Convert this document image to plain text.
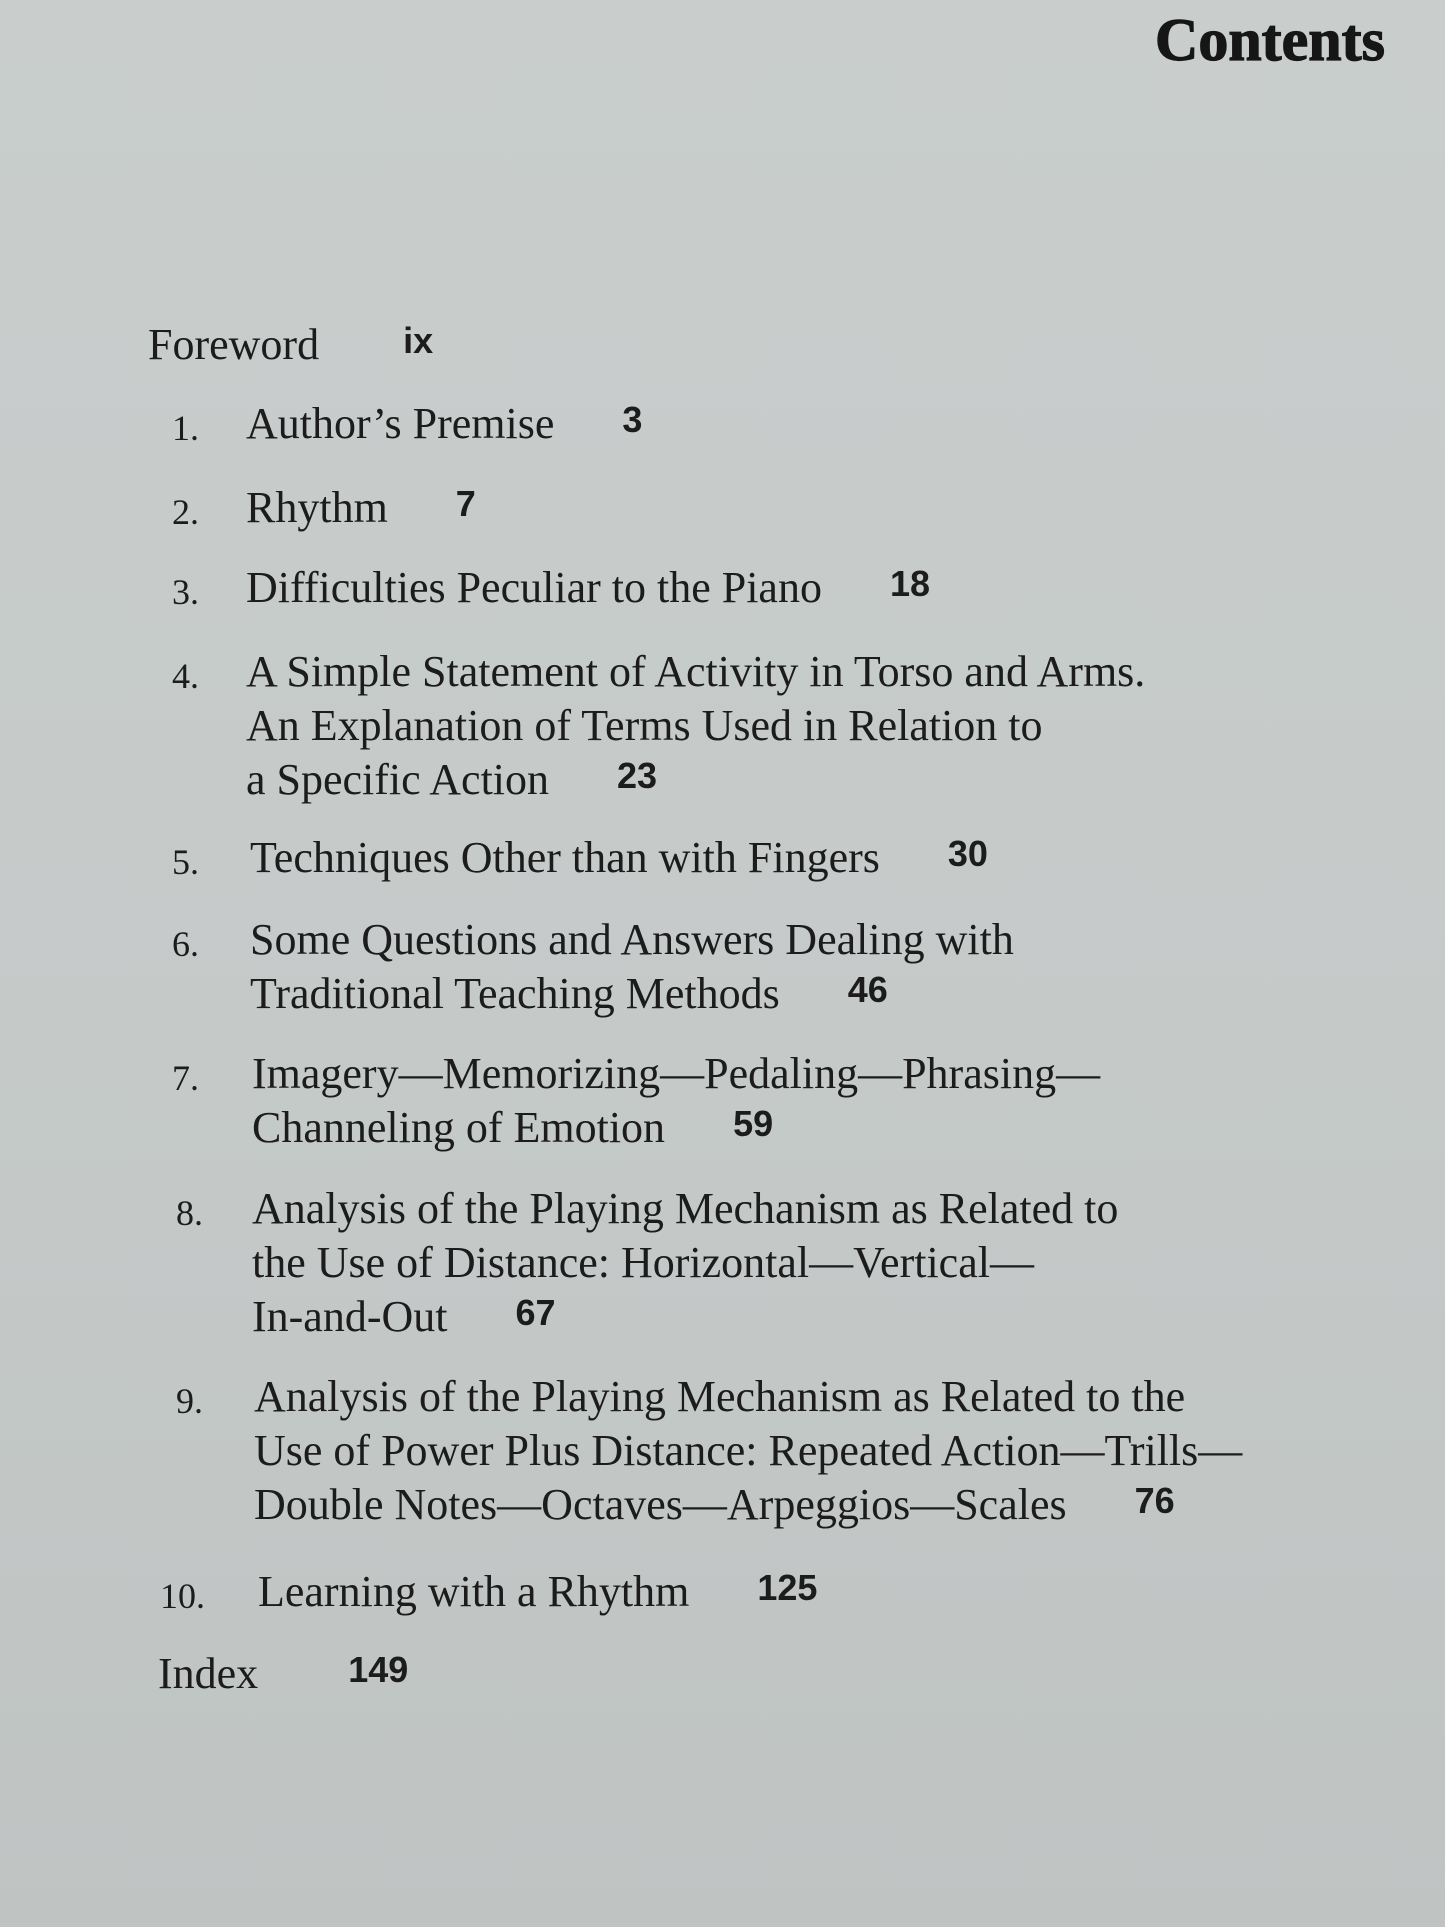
Contents
Foreword ix
1. Author’s Premise 3
2. Rhythm 7
3. Difficulties Peculiar to the Piano 18
4. A Simple Statement of Activity in Torso and Arms.
An Explanation of Terms Used in Relation to
a Specific Action 23
5. Techniques Other than with Fingers 30
6. Some Questions and Answers Dealing with
Traditional Teaching Methods 46
7. Imagery—Memorizing—Pedaling—Phrasing—
Channeling of Emotion 59
8. Analysis of the Playing Mechanism as Related to
the Use of Distance: Horizontal—Vertical—
In-and-Out 67
9. Analysis of the Playing Mechanism as Related to the
Use of Power Plus Distance: Repeated Action—Trills—
Double Notes—Octaves—Arpeggios—Scales 76
10. Learning with a Rhythm 125
Index	149
